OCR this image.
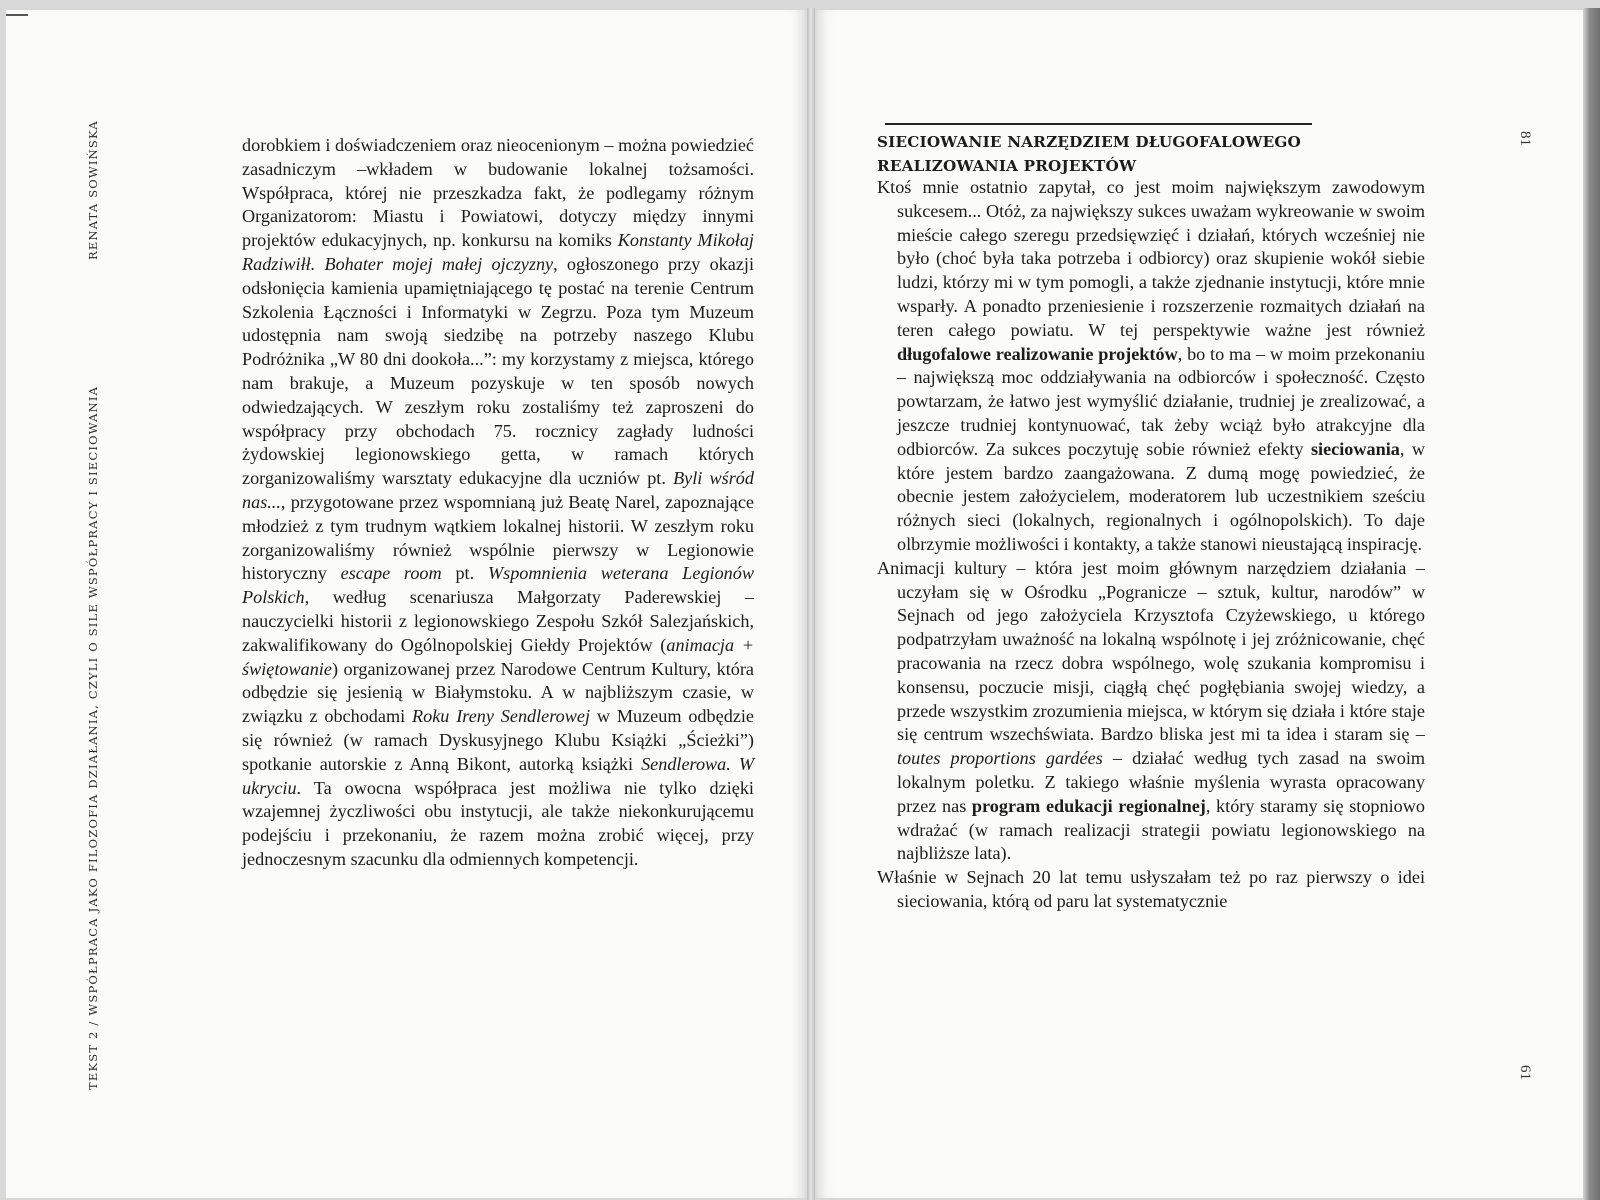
RENATA SOWIŃSKA
TEKST 2 / WSPÓŁPRACA JAKO FILOZOFIA DZIAŁANIA, CZYLI O SILE WSPÓŁPRACY I SIECIOWANIA

dorobkiem i doświadczeniem oraz nieocenionym – można powiedzieć zasadniczym –wkładem w budowanie lokalnej tożsamości. Współpraca, której nie przeszkadza fakt, że podlegamy różnym Organizatorom: Miastu i Powiatowi, dotyczy między innymi projektów edukacyjnych, np. konkursu na komiks Konstanty Mikołaj Radziwiłł. Bohater mojej małej ojczyzny, ogłoszonego przy okazji odsłonięcia kamienia upamiętniającego tę postać na terenie Centrum Szkolenia Łączności i Informatyki w Zegrzu. Poza tym Muzeum udostępnia nam swoją siedzibę na potrzeby naszego Klubu Podróżnika „W 80 dni dookoła...”: my korzystamy z miejsca, którego nam brakuje, a Muzeum pozyskuje w ten sposób nowych odwiedzających. W zeszłym roku zostaliśmy też zaproszeni do współpracy przy obchodach 75. rocznicy zagłady ludności żydowskiej legionowskiego getta, w ramach których zorganizowaliśmy warsztaty edukacyjne dla uczniów pt. Byli wśród nas..., przygotowane przez wspomnianą już Beatę Narel, zapoznające młodzież z tym trudnym wątkiem lokalnej historii. W zeszłym roku zorganizowaliśmy również wspólnie pierwszy w Legionowie historyczny escape room pt. Wspomnienia weterana Legionów Polskich, według scenariusza Małgorzaty Paderewskiej – nauczycielki historii z legionowskiego Zespołu Szkół Salezjańskich, zakwalifikowany do Ogólnopolskiej Giełdy Projektów (animacja + świętowanie) organizowanej przez Narodowe Centrum Kultury, która odbędzie się jesienią w Białymstoku. A w najbliższym czasie, w związku z obchodami Roku Ireny Sendlerowej w Muzeum odbędzie się również (w ramach Dyskusyjnego Klubu Książki „Ścieżki”) spotkanie autorskie z Anną Bikont, autorką książki Sendlerowa. W ukryciu. Ta owocna współpraca jest możliwa nie tylko dzięki wzajemnej życzliwości obu instytucji, ale także niekonkurującemu podejściu i przekonaniu, że razem można zrobić więcej, przy jednoczesnym szacunku dla odmiennych kompetencji.

SIECIOWANIE NARZĘDZIEM DŁUGOFALOWEGO
REALIZOWANIA PROJEKTÓW

Ktoś mnie ostatnio zapytał, co jest moim największym zawodowym sukcesem... Otóż, za największy sukces uważam wykreowanie w swoim mieście całego szeregu przedsięwzięć i działań, których wcześniej nie było (choć była taka potrzeba i odbiorcy) oraz skupienie wokół siebie ludzi, którzy mi w tym pomogli, a także zjednanie instytucji, które mnie wsparły. A ponadto przeniesienie i rozszerzenie rozmaitych działań na teren całego powiatu. W tej perspektywie ważne jest również długofalowe realizowanie projektów, bo to ma – w moim przekonaniu – największą moc oddziaływania na odbiorców i społeczność. Często powtarzam, że łatwo jest wymyślić działanie, trudniej je zrealizować, a jeszcze trudniej kontynuować, tak żeby wciąż było atrakcyjne dla odbiorców. Za sukces poczytuję sobie również efekty sieciowania, w które jestem bardzo zaangażowana. Z dumą mogę powiedzieć, że obecnie jestem założycielem, moderatorem lub uczestnikiem sześciu różnych sieci (lokalnych, regionalnych i ogólnopolskich). To daje olbrzymie możliwości i kontakty, a także stanowi nieustającą inspirację.

Animacji kultury – która jest moim głównym narzędziem działania – uczyłam się w Ośrodku „Pogranicze – sztuk, kultur, narodów” w Sejnach od jego założyciela Krzysztofa Czyżewskiego, u którego podpatrzyłam uważność na lokalną wspólnotę i jej zróżnicowanie, chęć pracowania na rzecz dobra wspólnego, wolę szukania kompromisu i konsensu, poczucie misji, ciągłą chęć pogłębiania swojej wiedzy, a przede wszystkim zrozumienia miejsca, w którym się działa i które staje się centrum wszechświata. Bardzo bliska jest mi ta idea i staram się – toutes proportions gardées – działać według tych zasad na swoim lokalnym poletku. Z takiego właśnie myślenia wyrasta opracowany przez nas program edukacji regionalnej, który staramy się stopniowo wdrażać (w ramach realizacji strategii powiatu legionowskiego na najbliższe lata).

Właśnie w Sejnach 20 lat temu usłyszałam też po raz pierwszy o idei sieciowania, którą od paru lat systematycznie

81
61
